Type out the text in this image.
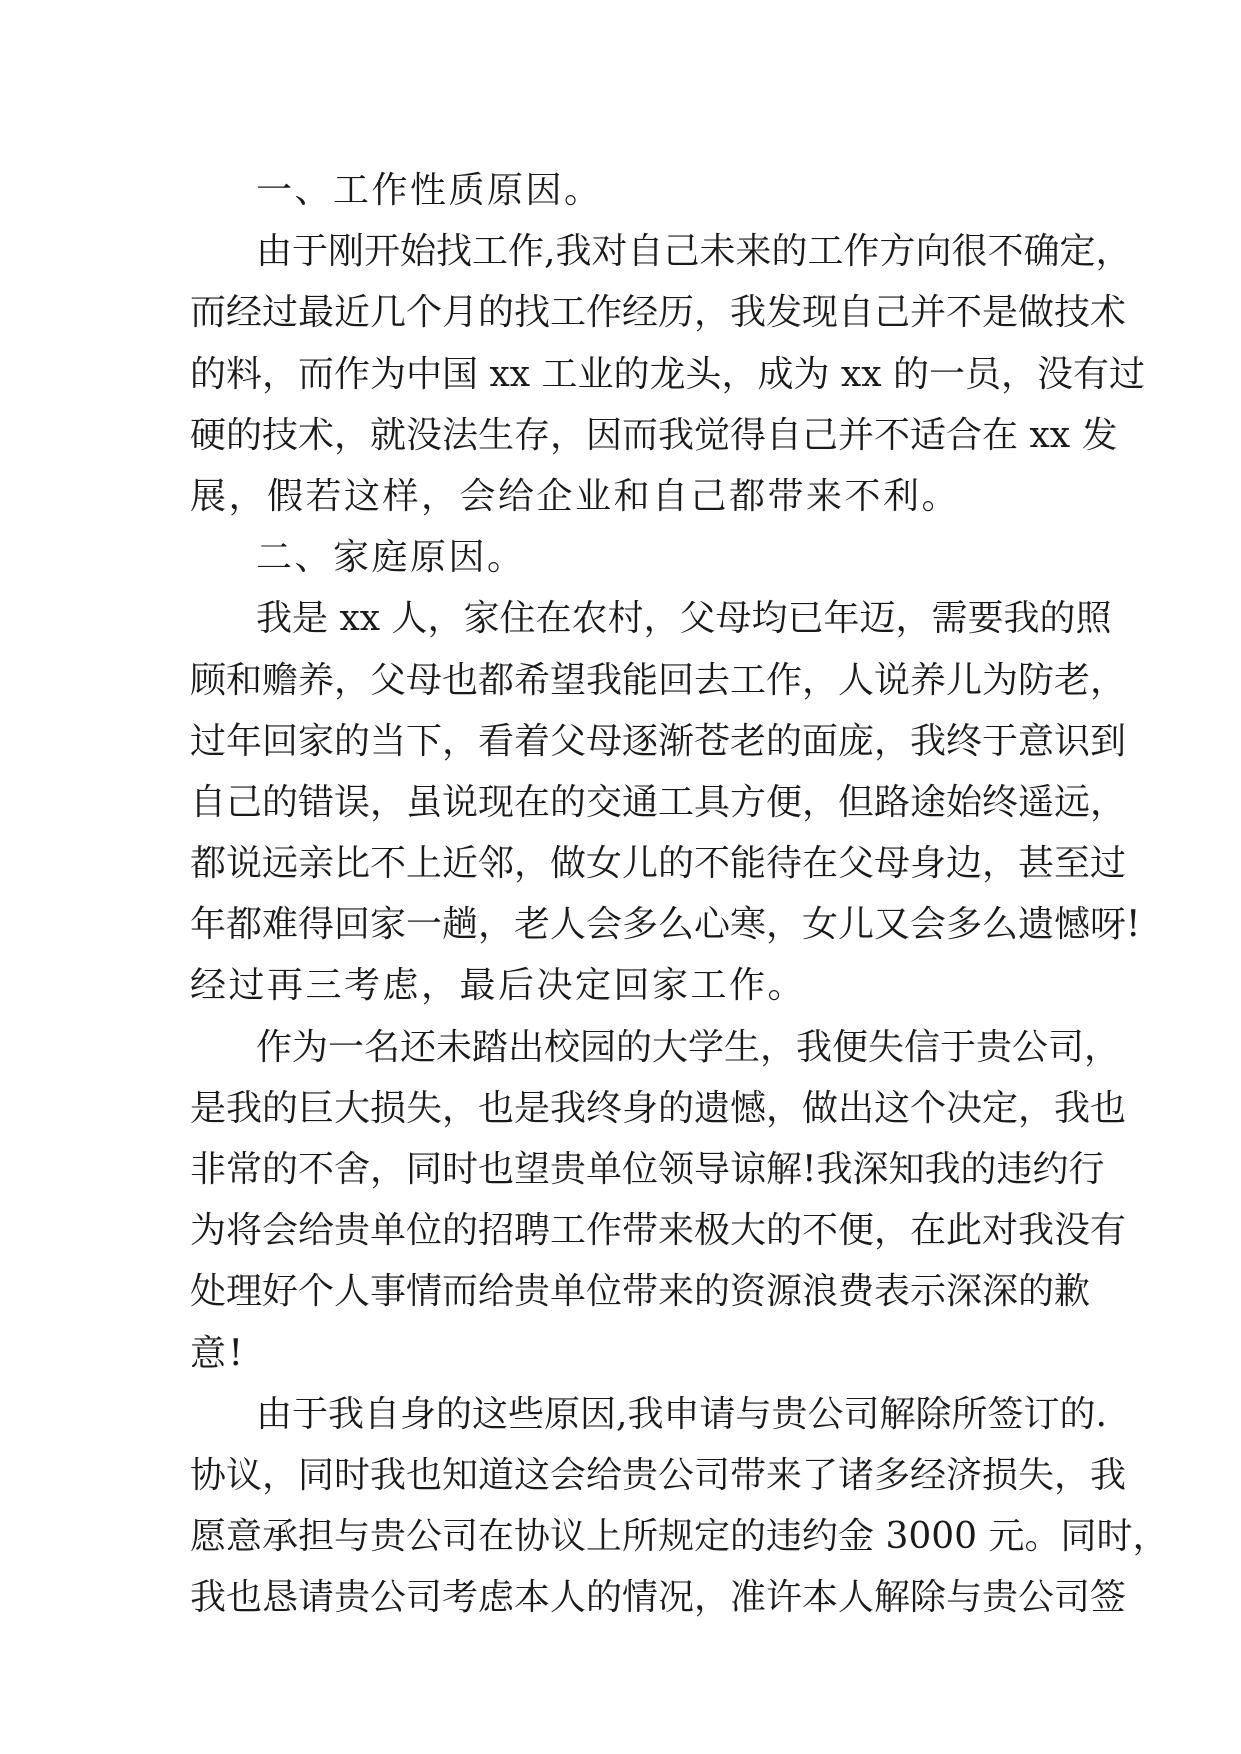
一、工作性质原因。
由于刚开始找工作,我对自己未来的工作方向很不确定，
而经过最近几个月的找工作经历，我发现自己并不是做技术
的料，而作为中国 xx 工业的龙头，成为 xx 的一员，没有过
硬的技术，就没法生存，因而我觉得自己并不适合在 xx 发
展，假若这样，会给企业和自己都带来不利。
二、家庭原因。
我是 xx 人，家住在农村，父母均已年迈，需要我的照
顾和赡养，父母也都希望我能回去工作，人说养儿为防老，
过年回家的当下，看着父母逐渐苍老的面庞，我终于意识到
自己的错误，虽说现在的交通工具方便，但路途始终遥远，
都说远亲比不上近邻，做女儿的不能待在父母身边，甚至过
年都难得回家一趟，老人会多么心寒，女儿又会多么遗憾呀!
经过再三考虑，最后决定回家工作。
作为一名还未踏出校园的大学生，我便失信于贵公司，
是我的巨大损失，也是我终身的遗憾，做出这个决定，我也
非常的不舍，同时也望贵单位领导谅解!我深知我的违约行
为将会给贵单位的招聘工作带来极大的不便，在此对我没有
处理好个人事情而给贵单位带来的资源浪费表示深深的歉
意!
由于我自身的这些原因,我申请与贵公司解除所签订的.
协议，同时我也知道这会给贵公司带来了诸多经济损失，我
愿意承担与贵公司在协议上所规定的违约金 3000 元。同时，
我也恳请贵公司考虑本人的情况，准许本人解除与贵公司签
